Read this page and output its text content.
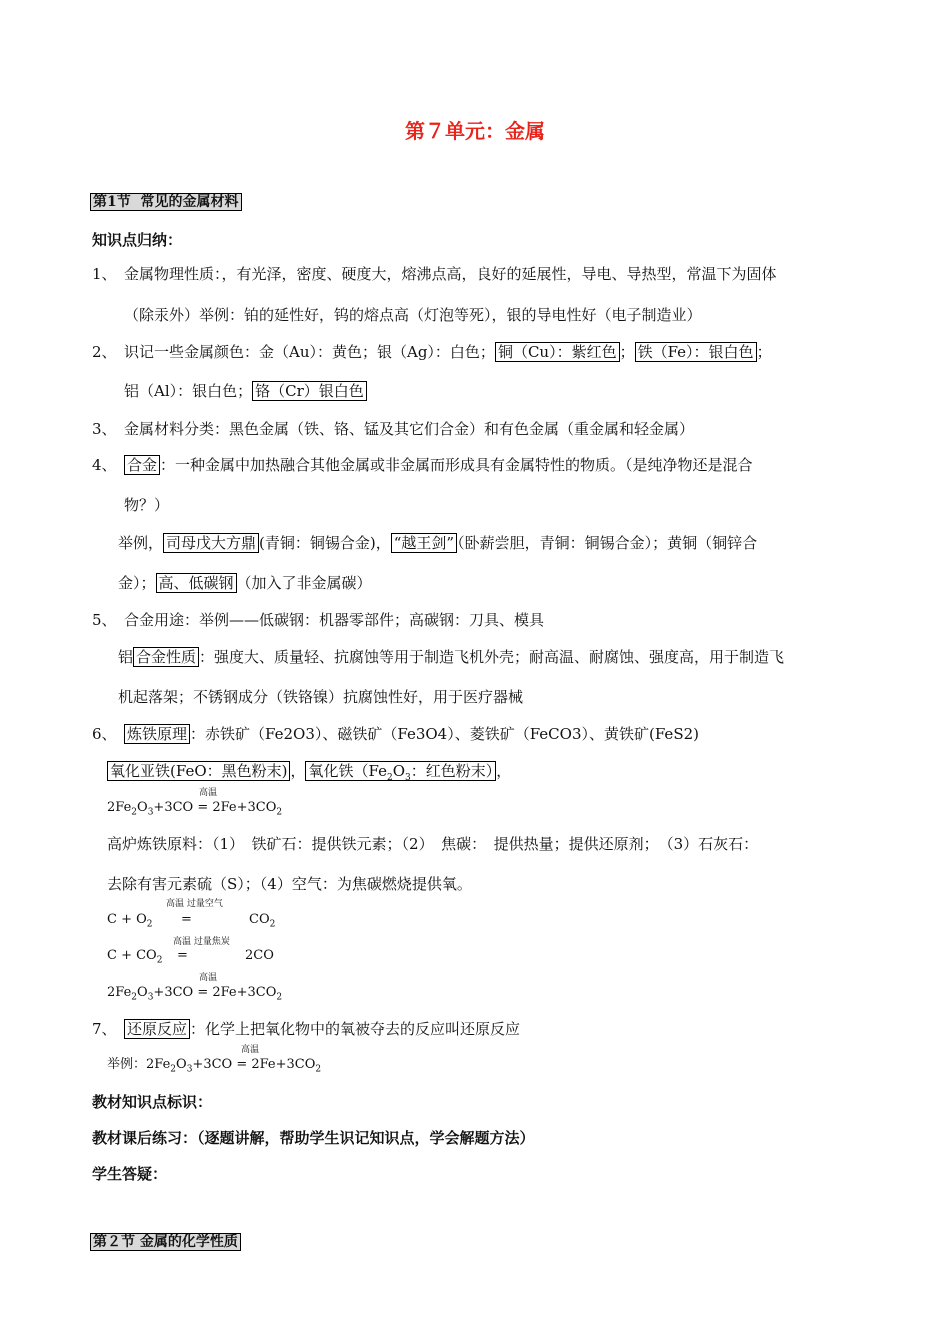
第７单元：金属
第1节 常见的金属材料
知识点归纳：
1、 金属物理性质：，有光泽，密度、硬度大，熔沸点高，良好的延展性，导电、导热型，常温下为固体
（除汞外）举例：铂的延性好，钨的熔点高（灯泡等死），银的导电性好（电子制造业）
2、 识记一些金属颜色：金（Au）：黄色；银（Ag）：白色； 铜（Cu）：紫红色 ； 铁（Fe）：银白色 ；
铝（Al）：银白色； 铬（Cr）银白色
3、 金属材料分类：黑色金属（铁、铬、锰及其它们合金）和有色金属（重金属和轻金属）
4、 合金 ：一种金属中加热融合其他金属或非金属而形成具有金属特性的物质。（是纯净物还是混合
物？）
举例， 司母戊大方鼎 (青铜：铜锡合金)， “越王剑” （卧薪尝胆，青铜：铜锡合金）；黄铜（铜锌合
金）； 高、低碳钢 （加入了非金属碳）
5、 合金用途：举例——低碳钢：机器零部件；高碳钢：刀具、模具
铝 合金性质 ：强度大、质量轻、抗腐蚀等用于制造飞机外壳；耐高温、耐腐蚀、强度高，用于制造飞
机起落架；不锈钢成分（铁铬镍）抗腐蚀性好，用于医疗器械
6、 炼铁原理 ：赤铁矿（Fe2O3）、磁铁矿（Fe3O4）、菱铁矿（FeCO3）、黄铁矿(FeS2)
氧化亚铁(FeO：黑色粉末) ， 氧化铁（$Fe_2O_3$：红色粉末） ，
高温
$2Fe_2O_3+3CO = 2Fe+3CO_2$
高炉炼铁原料：（1）　铁矿石：提供铁元素；（2）　焦碳：　提供热量；提供还原剂；　（3）石灰石：
去除有害元素硫（S）；（4）空气：为焦碳燃烧提供氧。
高温 过量空气
$C + O_2$ =	$CO_2$
高温 过量焦炭
$C + CO_2$ =	2CO
高温
$2Fe_2O_3+3CO = 2Fe+3CO_2$
7、 还原反应 ：化学上把氧化物中的氧被夺去的反应叫还原反应
高温
举例：$2Fe_2O_3+3CO = 2Fe+3CO_2$
教材知识点标识：
教材课后练习：（逐题讲解，帮助学生识记知识点，学会解题方法）
学生答疑：
第２节 金属的化学性质
